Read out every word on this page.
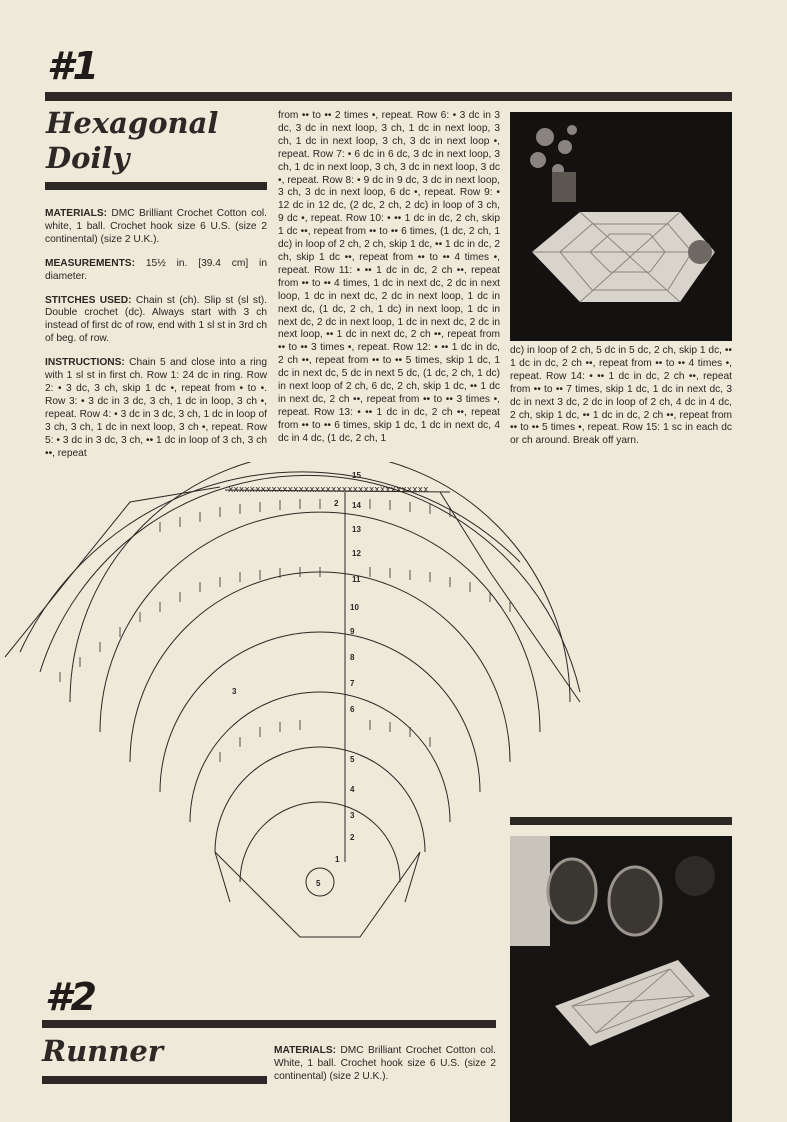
#1
Hexagonal
Doily

MATERIALS: DMC Brilliant Crochet Cotton col. white, 1 ball. Crochet hook size 6 U.S. (size 2 continental) (size 2 U.K.).

MEASUREMENTS: 15½ in. [39.4 cm] in diameter.

STITCHES USED: Chain st (ch). Slip st (sl st). Double crochet (dc). Always start with 3 ch instead of first dc of row, end with 1 sl st in 3rd ch of beg. of row.

INSTRUCTIONS: Chain 5 and close into a ring with 1 sl st in first ch. Row 1: 24 dc in ring. Row 2: • 3 dc, 3 ch, skip 1 dc •, repeat from • to •. Row 3: • 3 dc in 3 dc, 3 ch, 1 dc in loop, 3 ch •, repeat. Row 4: • 3 dc in 3 dc, 3 ch, 1 dc in loop of 3 ch, 3 ch, 1 dc in next loop, 3 ch •, repeat. Row 5: • 3 dc in 3 dc, 3 ch, •• 1 dc in loop of 3 ch, 3 ch ••, repeat

from •• to •• 2 times •, repeat. Row 6: • 3 dc in 3 dc, 3 dc in next loop, 3 ch, 1 dc in next loop, 3 ch, 1 dc in next loop, 3 ch, 3 dc in next loop •, repeat. Row 7: • 6 dc in 6 dc, 3 dc in next loop, 3 ch, 1 dc in next loop, 3 ch, 3 dc in next loop, 3 dc •, repeat. Row 8: • 9 dc in 9 dc, 3 dc in next loop, 3 ch, 3 dc in next loop, 6 dc •, repeat. Row 9: • 12 dc in 12 dc, (2 dc, 2 ch, 2 dc) in loop of 3 ch, 9 dc •, repeat. Row 10: • •• 1 dc in dc, 2 ch, skip 1 dc ••, repeat from •• to •• 6 times, (1 dc, 2 ch, 1 dc) in loop of 2 ch, 2 ch, skip 1 dc, •• 1 dc in dc, 2 ch, skip 1 dc ••, repeat from •• to •• 4 times •, repeat. Row 11: • •• 1 dc in dc, 2 ch ••, repeat from •• to •• 4 times, 1 dc in next dc, 2 dc in next loop, 1 dc in next dc, 2 dc in next loop, 1 dc in next dc, (1 dc, 2 ch, 1 dc) in next loop, 1 dc in next dc, 2 dc in next loop, 1 dc in next dc, 2 dc in next loop, •• 1 dc in next dc, 2 ch ••, repeat from •• to •• 3 times •, repeat. Row 12: • •• 1 dc in dc, 2 ch ••, repeat from •• to •• 5 times, skip 1 dc, 1 dc in next dc, 5 dc in next 5 dc, (1 dc, 2 ch, 1 dc) in next loop of 2 ch, 6 dc, 2 ch, skip 1 dc, •• 1 dc in next dc, 2 ch ••, repeat from •• to •• 3 times •, repeat. Row 13: • •• 1 dc in dc, 2 ch ••, repeat from •• to •• 6 times, skip 1 dc, 1 dc in next dc, 4 dc in 4 dc, (1 dc, 2 ch, 1
dc) in loop of 2 ch, 5 dc in 5 dc, 2 ch, skip 1 dc, •• 1 dc in dc, 2 ch ••, repeat from •• to •• 4 times •, repeat. Row 14: • •• 1 dc in dc, 2 ch ••, repeat from •• to •• 7 times, skip 1 dc, 1 dc in next dc, 3 dc in next 3 dc, 2 dc in loop of 2 ch, 4 dc in 4 dc, 2 ch, skip 1 dc, •• 1 dc in dc, 2 ch ••, repeat from •• to •• 5 times •, repeat. Row 15: 1 sc in each dc or ch around. Break off yarn.
xxxxxxxxxxxxxxxxxxxxxxxxxxxxxxxxxxxxx
15
14
13
12
11
10
9
8
7
6
5
4
3
2
1
5
2
3
#2
Runner	MATERIALS: DMC Brilliant Crochet Cotton col. White, 1 ball. Crochet hook size 6 U.S. (size 2 continental) (size 2 U.K.).
